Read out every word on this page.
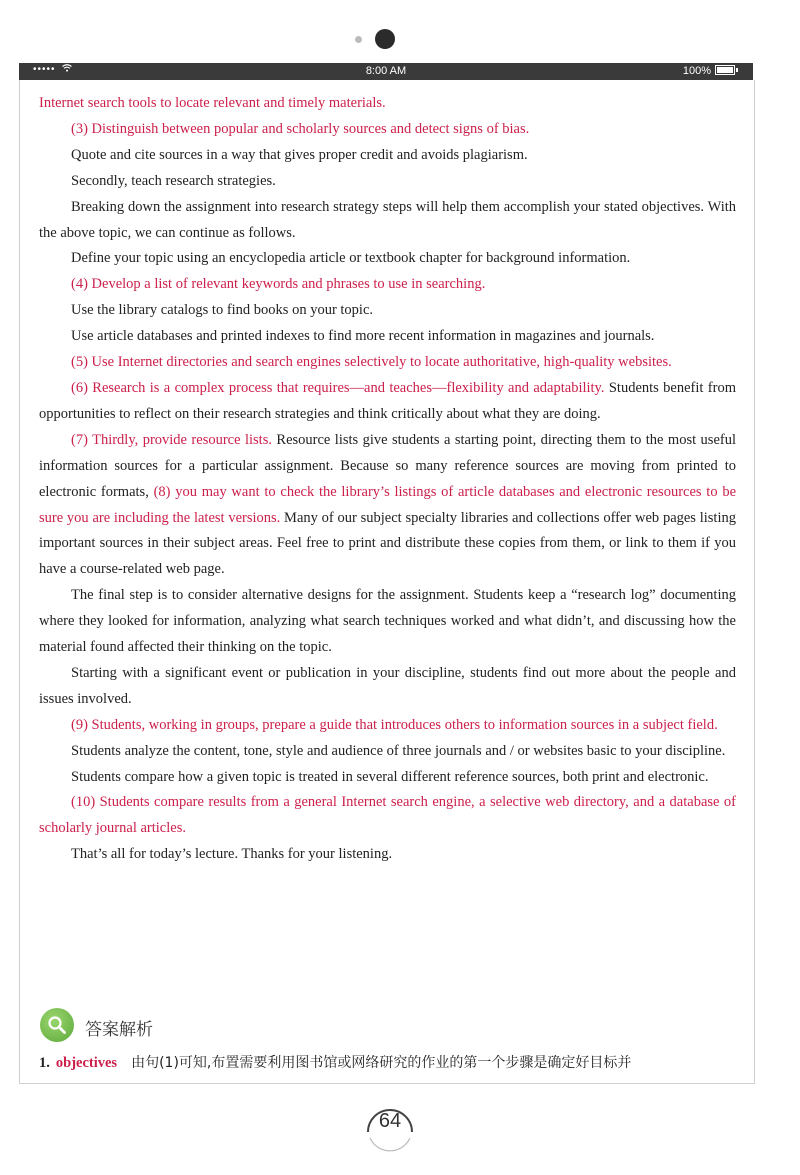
•••••	8:00 AM	100%

Internet search tools to locate relevant and timely materials.

(3) Distinguish between popular and scholarly sources and detect signs of bias.

Quote and cite sources in a way that gives proper credit and avoids plagiarism.

Secondly, teach research strategies.

Breaking down the assignment into research strategy steps will help them accomplish your stated objectives. With the above topic, we can continue as follows.

Define your topic using an encyclopedia article or textbook chapter for background information.

(4) Develop a list of relevant keywords and phrases to use in searching.

Use the library catalogs to find books on your topic.

Use article databases and printed indexes to find more recent information in magazines and journals.

(5) Use Internet directories and search engines selectively to locate authoritative, high-quality websites.

(6) Research is a complex process that requires—and teaches—flexibility and adaptability. Students benefit from opportunities to reflect on their research strategies and think critically about what they are doing.

(7) Thirdly, provide resource lists. Resource lists give students a starting point, directing them to the most useful information sources for a particular assignment. Because so many reference sources are moving from printed to electronic formats, (8) you may want to check the library’s listings of article databases and electronic resources to be sure you are including the latest versions. Many of our subject specialty libraries and collections offer web pages listing important sources in their subject areas. Feel free to print and distribute these copies from them, or link to them if you have a course-related web page.

The final step is to consider alternative designs for the assignment. Students keep a “research log” documenting where they looked for information, analyzing what search techniques worked and what didn’t, and discussing how the material found affected their thinking on the topic.

Starting with a significant event or publication in your discipline, students find out more about the people and issues involved.

(9) Students, working in groups, prepare a guide that introduces others to information sources in a subject field.

Students analyze the content, tone, style and audience of three journals and / or websites basic to your discipline.

Students compare how a given topic is treated in several different reference sources, both print and electronic.

(10) Students compare results from a general Internet search engine, a selective web directory, and a database of scholarly journal articles.

That’s all for today’s lecture. Thanks for your listening.

答案解析
1. objectives 由句(1)可知,布置需要利用图书馆或网络研究的作业的第一个步骤是确定好目标并
64
